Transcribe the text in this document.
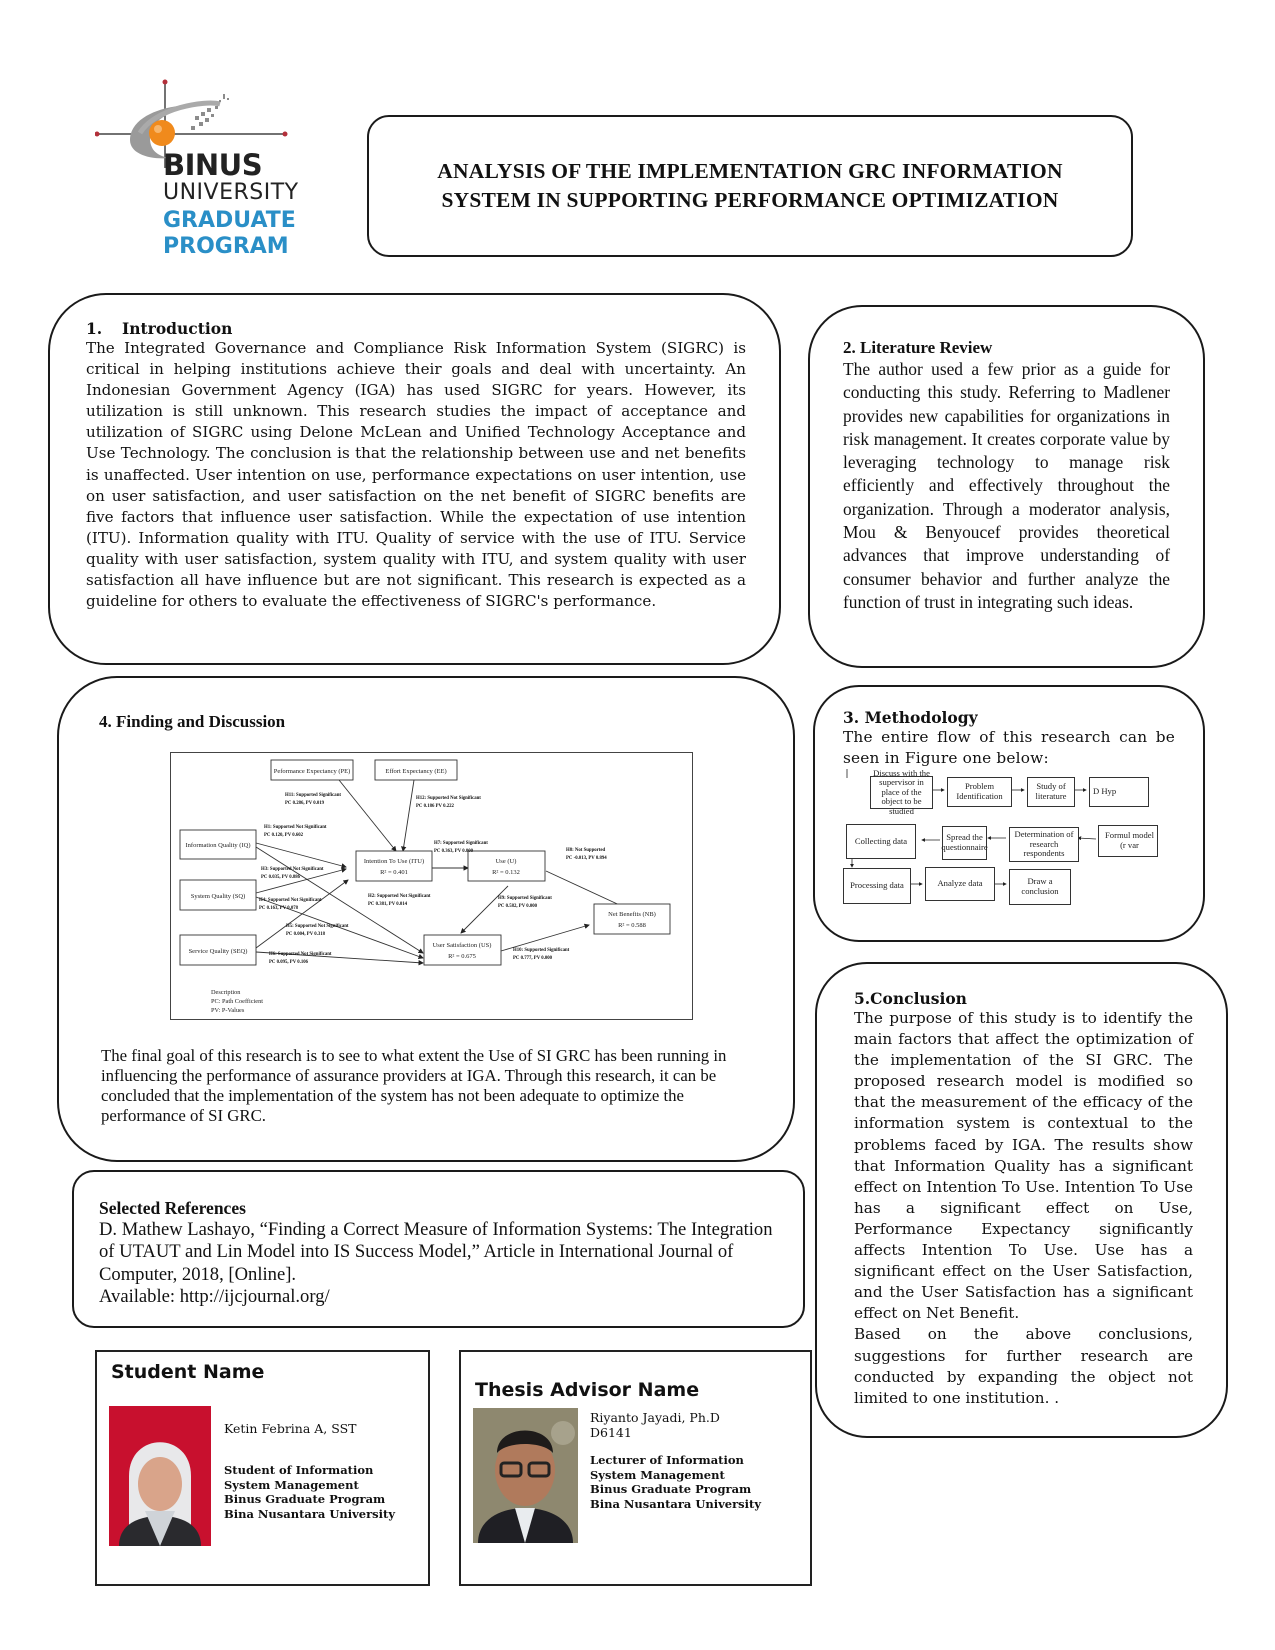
BINUS
UNIVERSITY
GRADUATE
PROGRAM
ANALYSIS OF THE IMPLEMENTATION GRC INFORMATION
SYSTEM IN SUPPORTING PERFORMANCE OPTIMIZATION
1. Introduction
The Integrated Governance and Compliance Risk Information System (SIGRC) is critical in helping institutions achieve their goals and deal with uncertainty. An Indonesian Government Agency (IGA) has used SIGRC for years. However, its utilization is still unknown. This research studies the impact of acceptance and utilization of SIGRC using Delone McLean and Unified Technology Acceptance and Use Technology. The conclusion is that the relationship between use and net benefits is unaffected. User intention on use, performance expectations on user intention, use on user satisfaction, and user satisfaction on the net benefit of SIGRC benefits are five factors that influence user satisfaction. While the expectation of use intention (ITU). Information quality with ITU. Quality of service with the use of ITU. Service quality with user satisfaction, system quality with ITU, and system quality with user satisfaction all have influence but are not significant. This research is expected as a guideline for others to evaluate the effectiveness of SIGRC's performance.
2. Literature Review
The author used a few prior as a guide for conducting this study. Referring to Madlener provides new capabilities for organizations in risk management. It creates corporate value by leveraging technology to manage risk efficiently and effectively throughout the organization. Through a moderator analysis, Mou & Benyoucef provides theoretical advances that improve understanding of consumer behavior and further analyze the function of trust in integrating such ideas.
4. Finding and Discussion
The final goal of this research is to see to what extent the Use of SI GRC has been running in influencing the performance of assurance providers at IGA. Through this research, it can be concluded that the implementation of the system has not been adequate to optimize the performance of SI GRC.
Peformance Expectancy (PE)	Effort Expectancy (EE)
Information Quality (IQ)
System Quality (SQ)
Service Quality (SEQ)
Intention To Use (ITU)
R² = 0.401
Use (U)
R² = 0.132
User Satisfaction (US)
R² = 0.675
Net Benefits (NB)
R² = 0.588
H11: Supported Significant
PC 0.286, PV 0.019
H12: Supported Not Significant
PC 0.186 PV 0.222
H1: Supported Not Significant
PC 0.120, PV 0.602
H3: Supported Not Significant
PC 0.035, PV 0.886
H4: Supported Not Significant
PC 0.163, PV 0.078
H2: Supported Not Significant
PC 0.381, PV 0.014
H5: Supported Not Significant
PC 0.004, PV 0.318
H6: Supported Not Significant
PC 0.095, PV 0.106
H7: Supported Significant
PC 0.363, PV 0.000	H8: Not Supported
PC -0.013, PV 0.894
H9: Supported Significant
PC 0.582, PV 0.000
H10: Supported Significant
PC 0.777, PV 0.000
Description
PC: Path Coefficient
PV: P-Values
3. Methodology
The entire flow of this research can be seen in Figure one below:
Discuss with the supervisor in place of the object to be studied
Problem Identification
Study of literature	D Hyp
Formul model (r var
Determination of research respondents
Spread the questionnaire
Collecting data
Processing data	Analyze data	Draw a conclusion
5.Conclusion
The purpose of this study is to identify the main factors that affect the optimization of the implementation of the SI GRC. The proposed research model is modified so that the measurement of the efficacy of the information system is contextual to the problems faced by IGA. The results show that Information Quality has a significant effect on Intention To Use. Intention To Use has a significant effect on Use, Performance Expectancy significantly affects Intention To Use. Use has a significant effect on the User Satisfaction, and the User Satisfaction has a significant effect on Net Benefit.
Based on the above conclusions, suggestions for further research are conducted by expanding the object not limited to one institution. .
Selected References
D. Mathew Lashayo, “Finding a Correct Measure of Information Systems: The Integration of UTAUT and Lin Model into IS Success Model,” Article in International Journal of Computer, 2018, [Online].
Available: http://ijcjournal.org/
Student Name
Ketin Febrina A, SST
Student of Information
System Management
Binus Graduate Program
Bina Nusantara University
Thesis Advisor Name
Riyanto Jayadi, Ph.D
D6141
Lecturer of Information
System Management
Binus Graduate Program
Bina Nusantara University
